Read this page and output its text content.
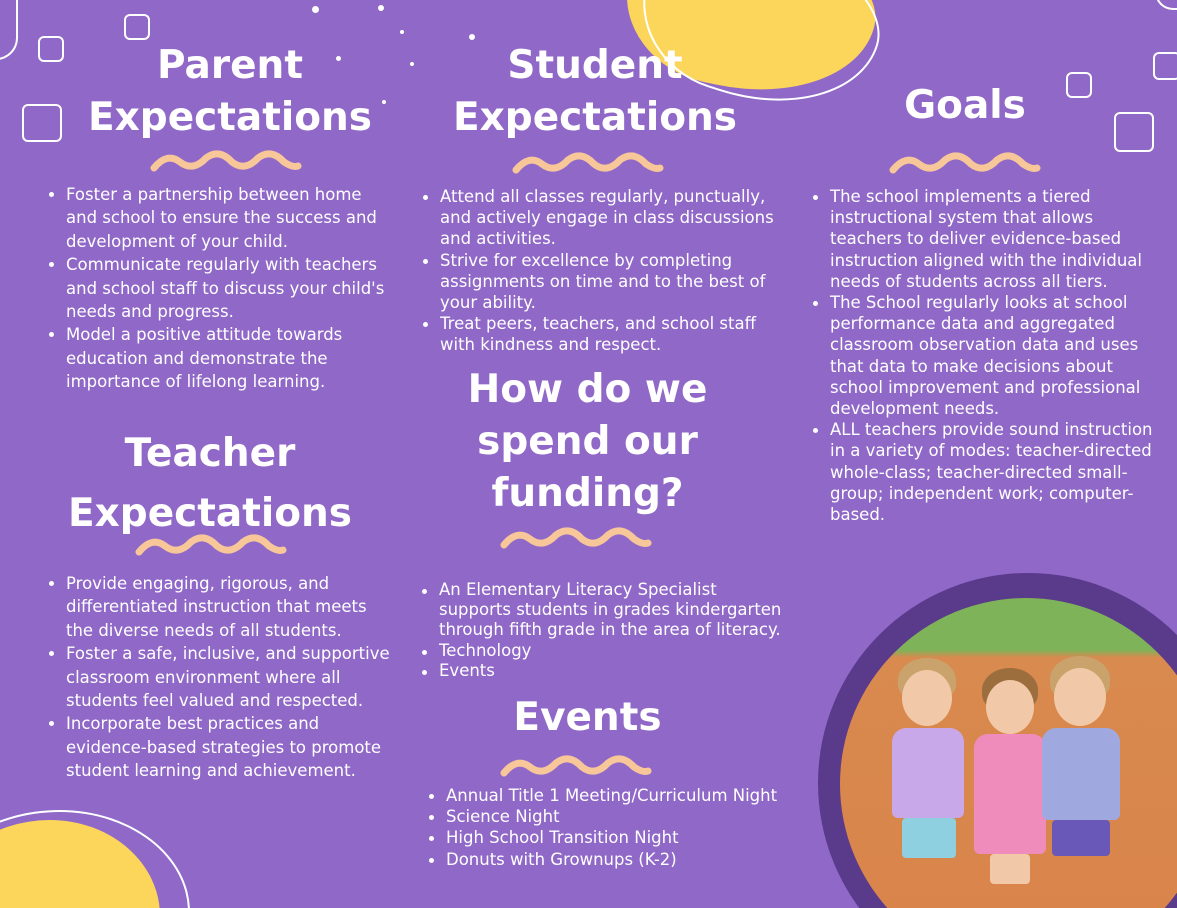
Parent Expectations
Foster a partnership between home and school to ensure the success and development of your child.
Communicate regularly with teachers and school staff to discuss your child's needs and progress.
Model a positive attitude towards education and demonstrate the importance of lifelong learning.
Student Expectations
Attend all classes regularly, punctually, and actively engage in class discussions and activities.
Strive for excellence by completing assignments on time and to the best of your ability.
Treat peers, teachers, and school staff with kindness and respect.
Goals
The school implements a tiered instructional system that allows teachers to deliver evidence-based instruction aligned with the individual needs of students across all tiers.
The School regularly looks at school performance data and aggregated classroom observation data and uses that data to make decisions about school improvement and professional development needs.
ALL teachers provide sound instruction in a variety of modes: teacher-directed whole-class; teacher-directed small-group; independent work; computer-based.
Teacher Expectations
Provide engaging, rigorous, and differentiated instruction that meets the diverse needs of all students.
Foster a safe, inclusive, and supportive classroom environment where all students feel valued and respected.
Incorporate best practices and evidence-based strategies to promote student learning and achievement.
How do we spend our funding?
An Elementary Literacy Specialist supports students in grades kindergarten through fifth grade in the area of literacy.
Technology
Events
Events
Annual Title 1 Meeting/Curriculum Night
Science Night
High School Transition Night
Donuts with Grownups (K-2)
